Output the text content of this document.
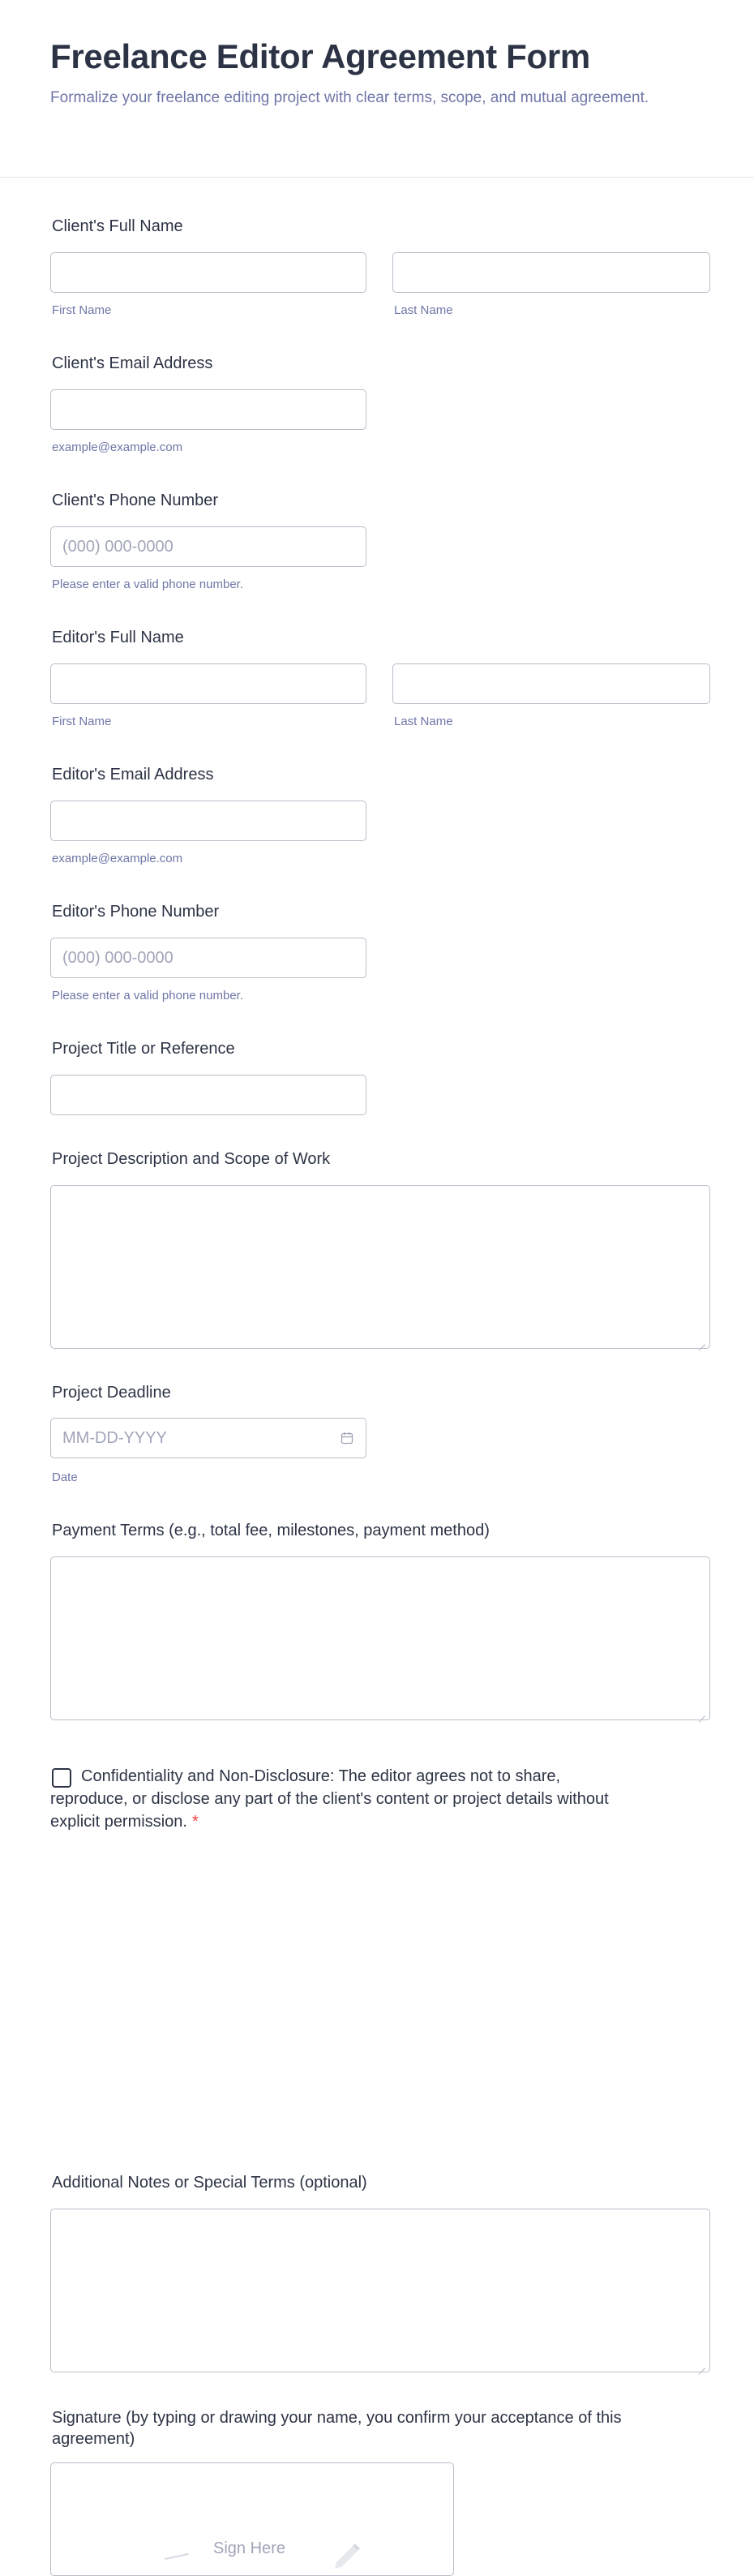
Freelance Editor Agreement Form

Formalize your freelance editing project with clear terms, scope, and mutual agreement.

Client's Full Name
First Name	Last Name
Client's Email Address
example@example.com
Client's Phone Number
(000) 000-0000
Please enter a valid phone number.
Editor's Full Name
First Name	Last Name
Editor's Email Address
example@example.com
Editor's Phone Number
(000) 000-0000
Please enter a valid phone number.
Project Title or Reference
Project Description and Scope of Work
Project Deadline
MM-DD-YYYY
Date
Payment Terms (e.g., total fee, milestones, payment method)
Confidentiality and Non-Disclosure: The editor agrees not to share, reproduce, or disclose any part of the client's content or project details without explicit permission. *
Additional Notes or Special Terms (optional)
Signature (by typing or drawing your name, you confirm your acceptance of this agreement)
Sign Here
